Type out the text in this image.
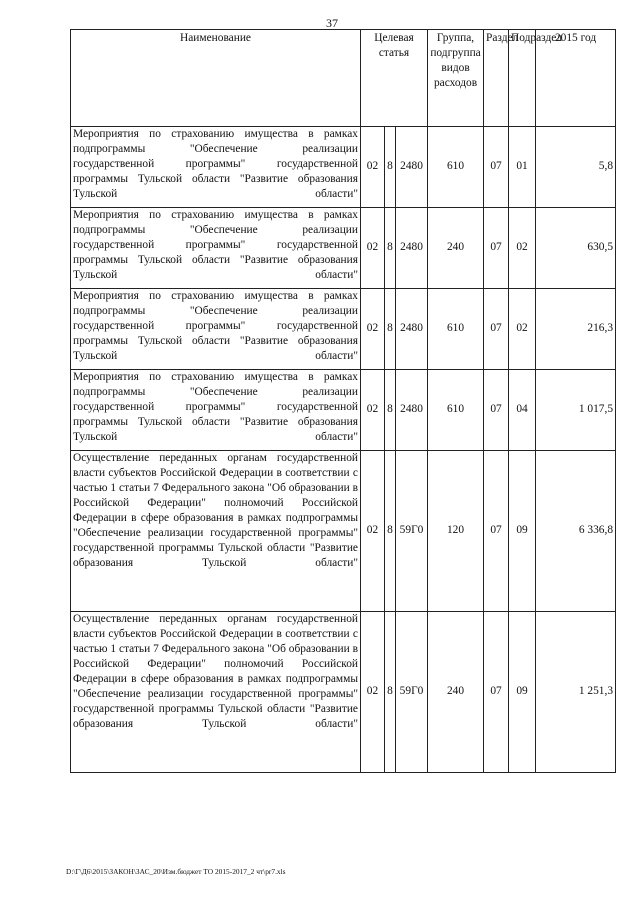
37
Наименование	Целевая статья			Группа, подгруппа видов расходов	Раздел	Подраздел	2015 год
Мероприятия по страхованию имущества в рамках подпрограммы "Обеспечение реализации государственной программы" государственной программы Тульской области "Развитие образования Тульской области"	02	8	2480	610	07	01	5,8
Мероприятия по страхованию имущества в рамках подпрограммы "Обеспечение реализации государственной программы" государственной программы Тульской области "Развитие образования Тульской области"	02	8	2480	240	07	02	630,5
Мероприятия по страхованию имущества в рамках подпрограммы "Обеспечение реализации государственной программы" государственной программы Тульской области "Развитие образования Тульской области"	02	8	2480	610	07	02	216,3
Мероприятия по страхованию имущества в рамках подпрограммы "Обеспечение реализации государственной программы" государственной программы Тульской области "Развитие образования Тульской области"	02	8	2480	610	07	04	1 017,5
Осуществление переданных органам государственной власти субъектов Российской Федерации в соответствии с частью 1 статьи 7 Федерального закона "Об образовании в Российской Федерации" полномочий Российской Федерации в сфере образования в рамках подпрограммы "Обеспечение реализации государственной программы" государственной программы Тульской области "Развитие образования Тульской области"	02	8	59Г0	120	07	09	6 336,8
Осуществление переданных органам государственной власти субъектов Российской Федерации в соответствии с частью 1 статьи 7 Федерального закона "Об образовании в Российской Федерации" полномочий Российской Федерации в сфере образования в рамках подпрограммы "Обеспечение реализации государственной программы" государственной программы Тульской области "Развитие образования Тульской области"	02	8	59Г0	240	07	09	1 251,3
D:\Г\Д6\2015\ЗАКОН\ЗАС_20\Изм.бюджет ТО 2015-2017_2 чт\pr7.xls
